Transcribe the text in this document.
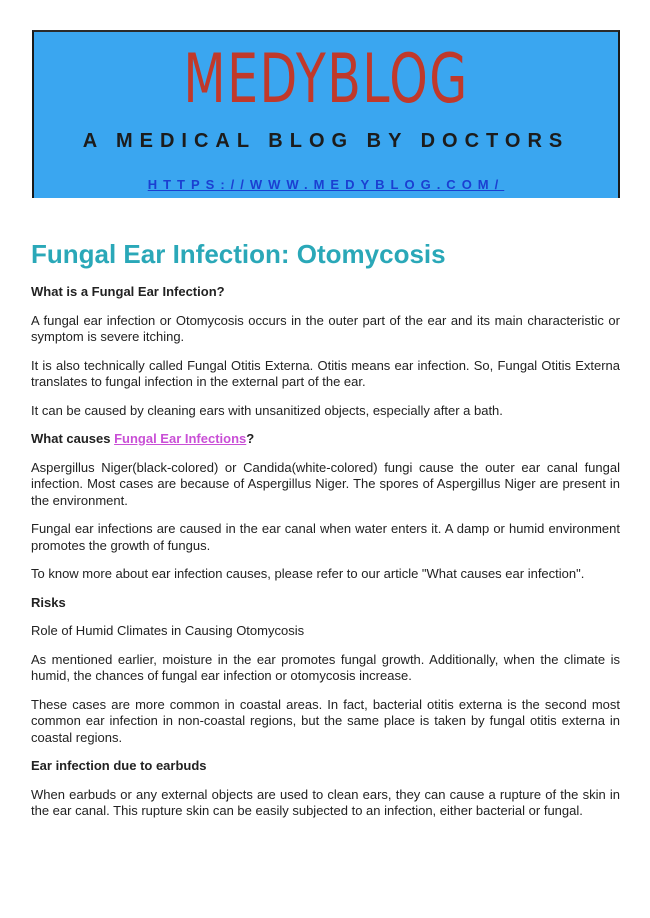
MEDYBLOG
A MEDICAL BLOG BY DOCTORS
HTTPS://WWW.MEDYBLOG.COM/
Fungal Ear Infection: Otomycosis
What is a Fungal Ear Infection?

A fungal ear infection or Otomycosis occurs in the outer part of the ear and its main characteristic or symptom is severe itching.

It is also technically called Fungal Otitis Externa. Otitis means ear infection. So, Fungal Otitis Externa translates to fungal infection in the external part of the ear.

It can be caused by cleaning ears with unsanitized objects, especially after a bath.

What causes Fungal Ear Infections?

Aspergillus Niger(black-colored) or Candida(white-colored) fungi cause the outer ear canal fungal infection. Most cases are because of Aspergillus Niger. The spores of Aspergillus Niger are present in the environment.

Fungal ear infections are caused in the ear canal when water enters it. A damp or humid environment promotes the growth of fungus.

To know more about ear infection causes, please refer to our article "What causes ear infection".

Risks

Role of Humid Climates in Causing Otomycosis

As mentioned earlier, moisture in the ear promotes fungal growth. Additionally, when the climate is humid, the chances of fungal ear infection or otomycosis increase.

These cases are more common in coastal areas. In fact, bacterial otitis externa is the second most common ear infection in non-coastal regions, but the same place is taken by fungal otitis externa in coastal regions.

Ear infection due to earbuds

When earbuds or any external objects are used to clean ears, they can cause a rupture of the skin in the ear canal. This rupture skin can be easily subjected to an infection, either bacterial or fungal.
